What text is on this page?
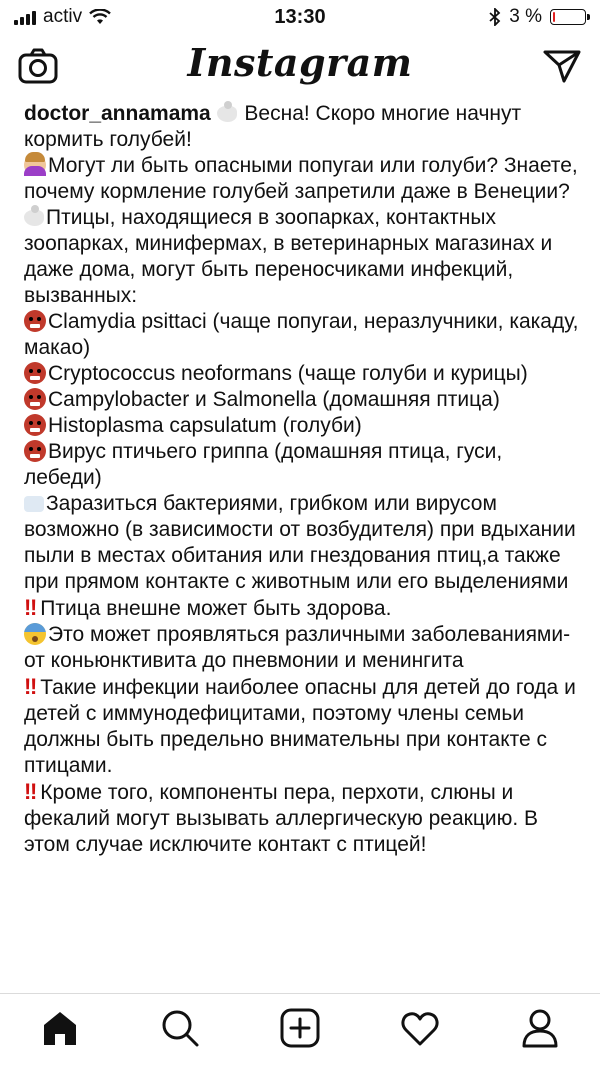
activ	13:30	3 %
Instagram

doctor_annamama Весна! Скоро многие начнут кормить голубей!

Могут ли быть опасными попугаи или голуби? Знаете, почему кормление голубей запретили даже в Венеции?

Птицы, находящиеся в зоопарках, контактных зоопарках, минифермах, в ветеринарных магазинах и даже дома, могут быть переносчиками инфекций, вызванных:

Clamydia psittaci (чаще попугаи, неразлучники, какаду, макао)

Cryptococcus neoformans (чаще голуби и курицы)

Campylobacter и Salmonella (домашняя птица)

Histoplasma capsulatum (голуби)

Вирус птичьего гриппа (домашняя птица, гуси, лебеди)

Заразиться бактериями, грибком или вирусом возможно (в зависимости от возбудителя) при вдыхании пыли в местах обитания или гнездования птиц,а также при прямом контакте с животным или его выделениями

‼ Птица внешне может быть здорова.

Это может проявляться различными заболеваниями- от коньюнктивита до пневмонии и менингита

‼ Такие инфекции наиболее опасны для детей до года и детей с иммунодефицитами, поэтому члены семьи должны быть предельно внимательны при контакте с птицами.

‼ Кроме того, компоненты пера, перхоти, слюны и фекалий могут вызывать аллергическую реакцию. В этом случае исключите контакт с птицей!
